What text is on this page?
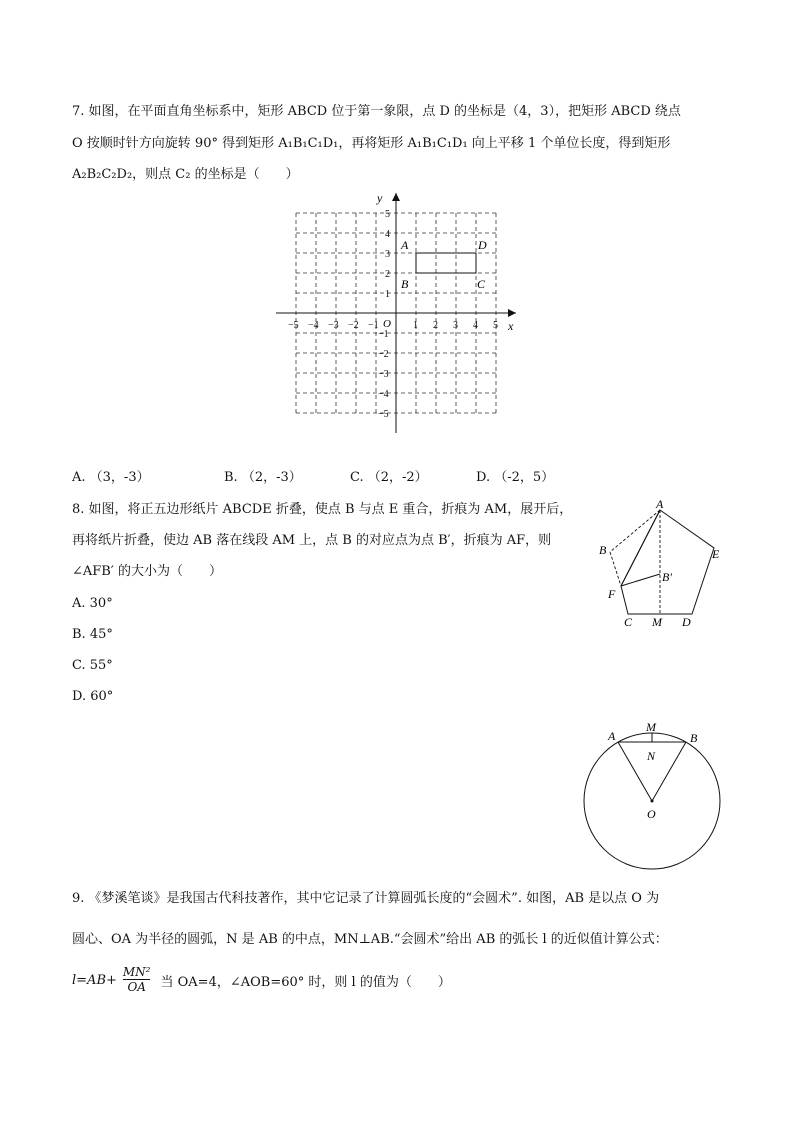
7. 如图，在平面直角坐标系中，矩形 ABCD 位于第一象限，点 D 的坐标是（4，3），把矩形 ABCD 绕点
O 按顺时针方向旋转 90° 得到矩形 A₁B₁C₁D₁，再将矩形 A₁B₁C₁D₁ 向上平移 1 个单位长度，得到矩形
A₂B₂C₂D₂，则点 C₂ 的坐标是（　　）
x
y
O
−5
−5
−4
−4
−3
−3
−2
−2
−1
−1
1
1
2
2
3
3
4
4
5
5
A
B	C
D
A. （3，-3）	B. （2，-3）	C. （2，-2）	D. （-2，5）
8. 如图，将正五边形纸片 ABCDE 折叠，使点 B 与点 E 重合，折痕为 AM，展开后，
再将纸片折叠，使边 AB 落在线段 AM 上，点 B 的对应点为点 B′，折痕为 AF，则
∠AFB′ 的大小为（　　）
A. 30°
B. 45°
C. 55°
D. 60°
A
B
C	D
E
F
M
B′
A	B
M
N
O
9. 《梦溪笔谈》是我国古代科技著作，其中它记录了计算圆弧长度的“会圆术”. 如图，AB 是以点 O 为
圆心、OA 为半径的圆弧，N 是 AB 的中点，MN⊥AB.“会圆术”给出 AB 的弧长 l 的近似值计算公式：
$l=AB+ \frac{\text{MN²}}{OA}$ 当 OA=4，∠AOB=60° 时，则 l 的值为（　　）
